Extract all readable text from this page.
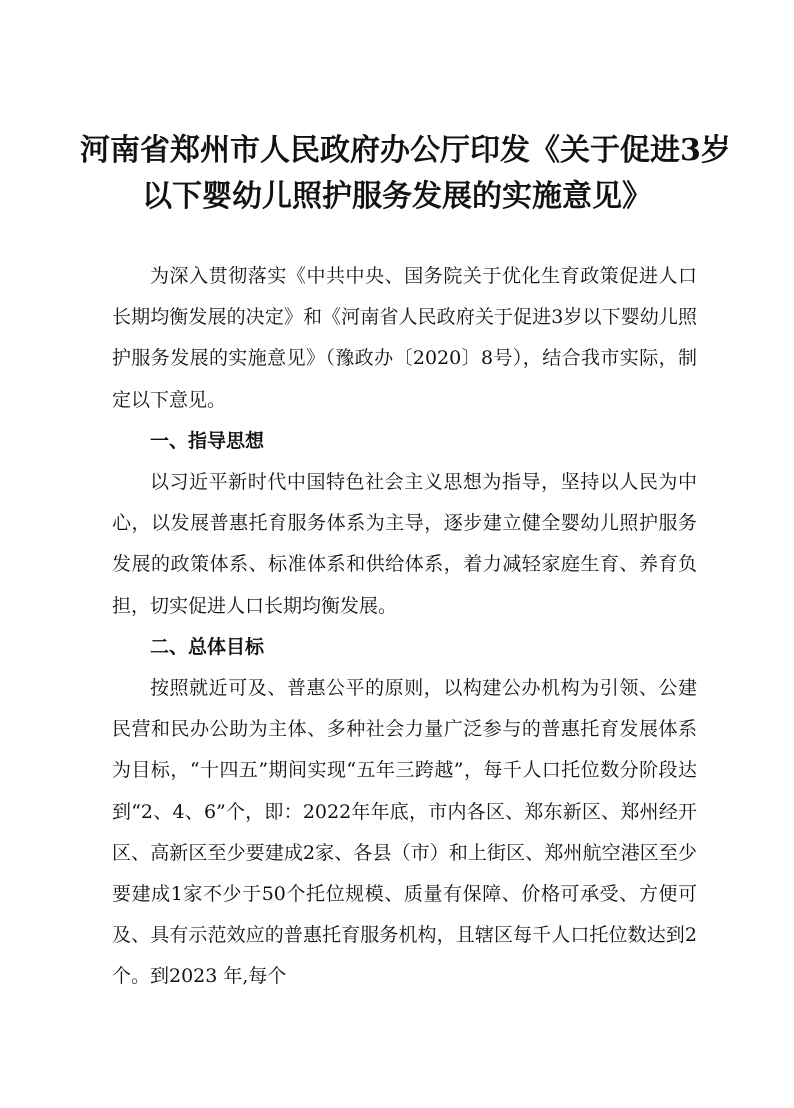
河南省郑州市人民政府办公厅印发《关于促进3岁
以下婴幼儿照护服务发展的实施意见》

为深入贯彻落实《中共中央、国务院关于优化生育政策促进人口长期均衡发展的决定》和《河南省人民政府关于促进3岁以下婴幼儿照护服务发展的实施意见》（豫政办〔2020〕8号），结合我市实际，制定以下意见。

一、指导思想

以习近平新时代中国特色社会主义思想为指导，坚持以人民为中心，以发展普惠托育服务体系为主导，逐步建立健全婴幼儿照护服务发展的政策体系、标准体系和供给体系，着力减轻家庭生育、养育负担，切实促进人口长期均衡发展。

二、总体目标

按照就近可及、普惠公平的原则，以构建公办机构为引领、公建民营和民办公助为主体、多种社会力量广泛参与的普惠托育发展体系为目标，“十四五”期间实现“五年三跨越”，每千人口托位数分阶段达到“2、4、6”个，即：2022年年底，市内各区、郑东新区、郑州经开区、高新区至少要建成2家、各县（市）和上街区、郑州航空港区至少要建成1家不少于50个托位规模、质量有保障、价格可承受、方便可及、具有示范效应的普惠托育服务机构，且辖区每千人口托位数达到2个。到2023 年,每个
